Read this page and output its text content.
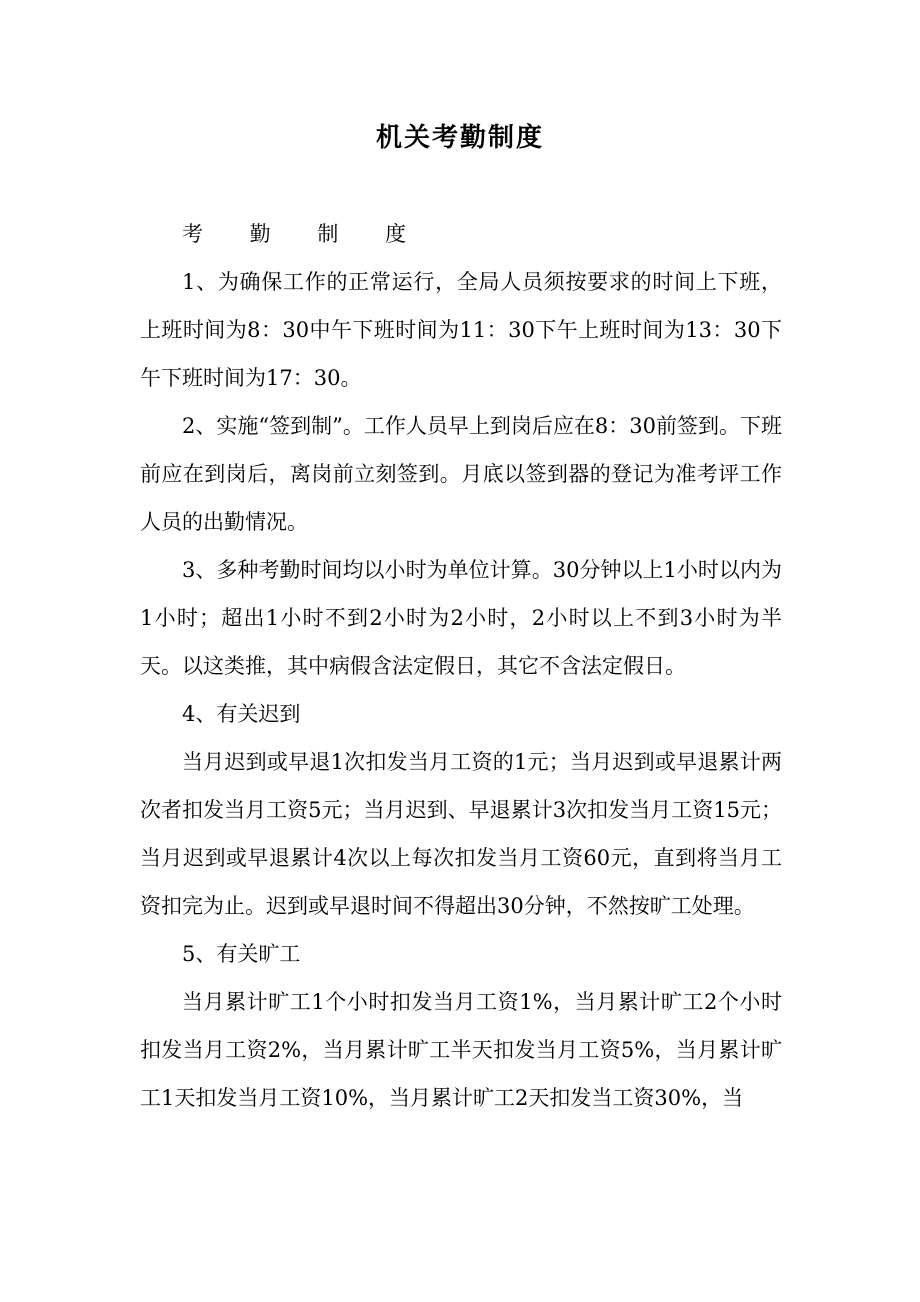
机关考勤制度

考 勤 制 度

1、为确保工作的正常运行，全局人员须按要求的时间上下班，上班时间为8：30中午下班时间为11：30下午上班时间为13：30下午下班时间为17：30。

2、实施“签到制”。工作人员早上到岗后应在8：30前签到。下班前应在到岗后，离岗前立刻签到。月底以签到器的登记为准考评工作人员的出勤情况。

3、多种考勤时间均以小时为单位计算。30分钟以上1小时以内为1小时；超出1小时不到2小时为2小时，2小时以上不到3小时为半天。以这类推，其中病假含法定假日，其它不含法定假日。

4、有关迟到

当月迟到或早退1次扣发当月工资的1元；当月迟到或早退累计两次者扣发当月工资5元；当月迟到、早退累计3次扣发当月工资15元；当月迟到或早退累计4次以上每次扣发当月工资60元，直到将当月工资扣完为止。迟到或早退时间不得超出30分钟，不然按旷工处理。

5、有关旷工

当月累计旷工1个小时扣发当月工资1%，当月累计旷工2个小时扣发当月工资2%，当月累计旷工半天扣发当月工资5%，当月累计旷工1天扣发当月工资10%，当月累计旷工2天扣发当工资30%，当
